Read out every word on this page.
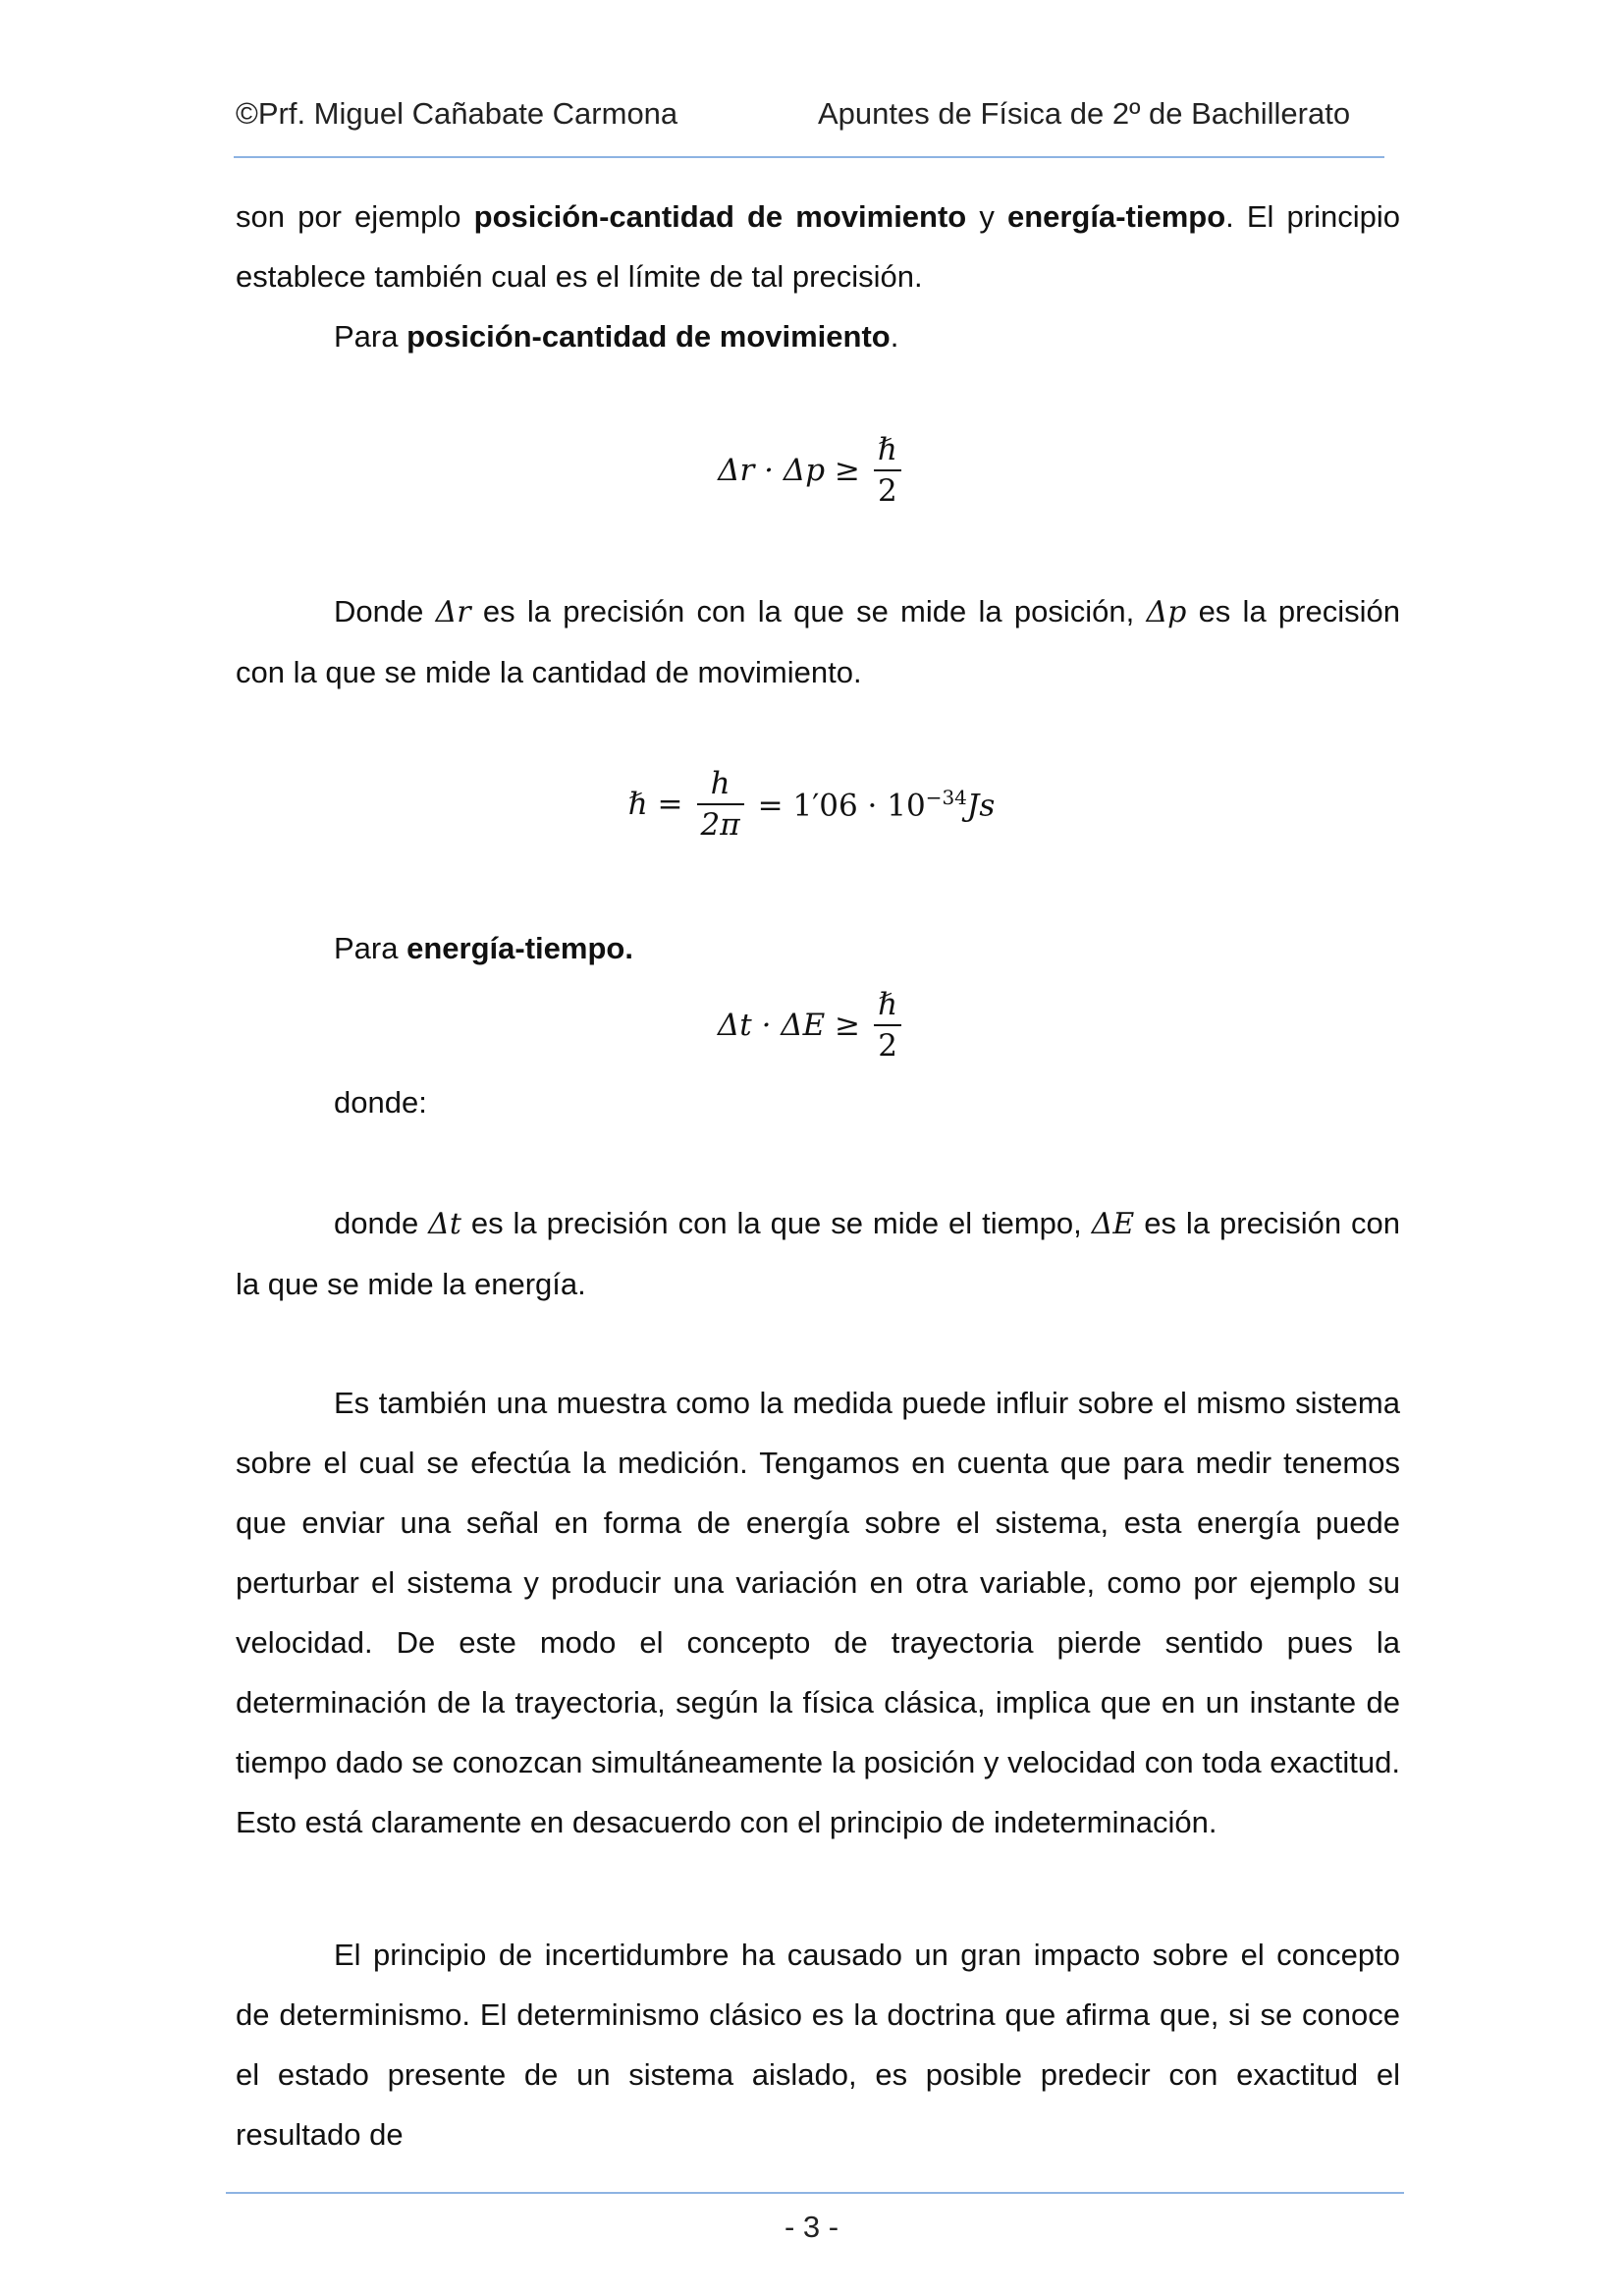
©Prf. Miguel Cañabate Carmona	Apuntes de Física de 2º de Bachillerato
son por ejemplo posición-cantidad de movimiento y energía-tiempo. El principio establece también cual es el límite de tal precisión.
Para posición-cantidad de movimiento.
$\Delta r \cdot \Delta p \ge \frac{\text{ℏ}}{2}$
Donde Δr es la precisión con la que se mide la posición, Δp es la precisión con la que se mide la cantidad de movimiento.
ℏ = $\frac{h}{2\pi} = 1'06 \cdot 10^{-34}Js$
Para energía-tiempo.
$\Delta t \cdot \Delta E \ge \frac{\text{ℏ}}{2}$
donde:
donde Δt es la precisión con la que se mide el tiempo, ΔE es la precisión con la que se mide la energía.
Es también una muestra como la medida puede influir sobre el mismo sistema sobre el cual se efectúa la medición. Tengamos en cuenta que para medir tenemos que enviar una señal en forma de energía sobre el sistema, esta energía puede perturbar el sistema y producir una variación en otra variable, como por ejemplo su velocidad. De este modo el concepto de trayectoria pierde sentido pues la determinación de la trayectoria, según la física clásica, implica que en un instante de tiempo dado se conozcan simultáneamente la posición y velocidad con toda exactitud. Esto está claramente en desacuerdo con el principio de indeterminación.
El principio de incertidumbre ha causado un gran impacto sobre el concepto de determinismo. El determinismo clásico es la doctrina que afirma que, si se conoce el estado presente de un sistema aislado, es posible predecir con exactitud el resultado de
- 3 -
